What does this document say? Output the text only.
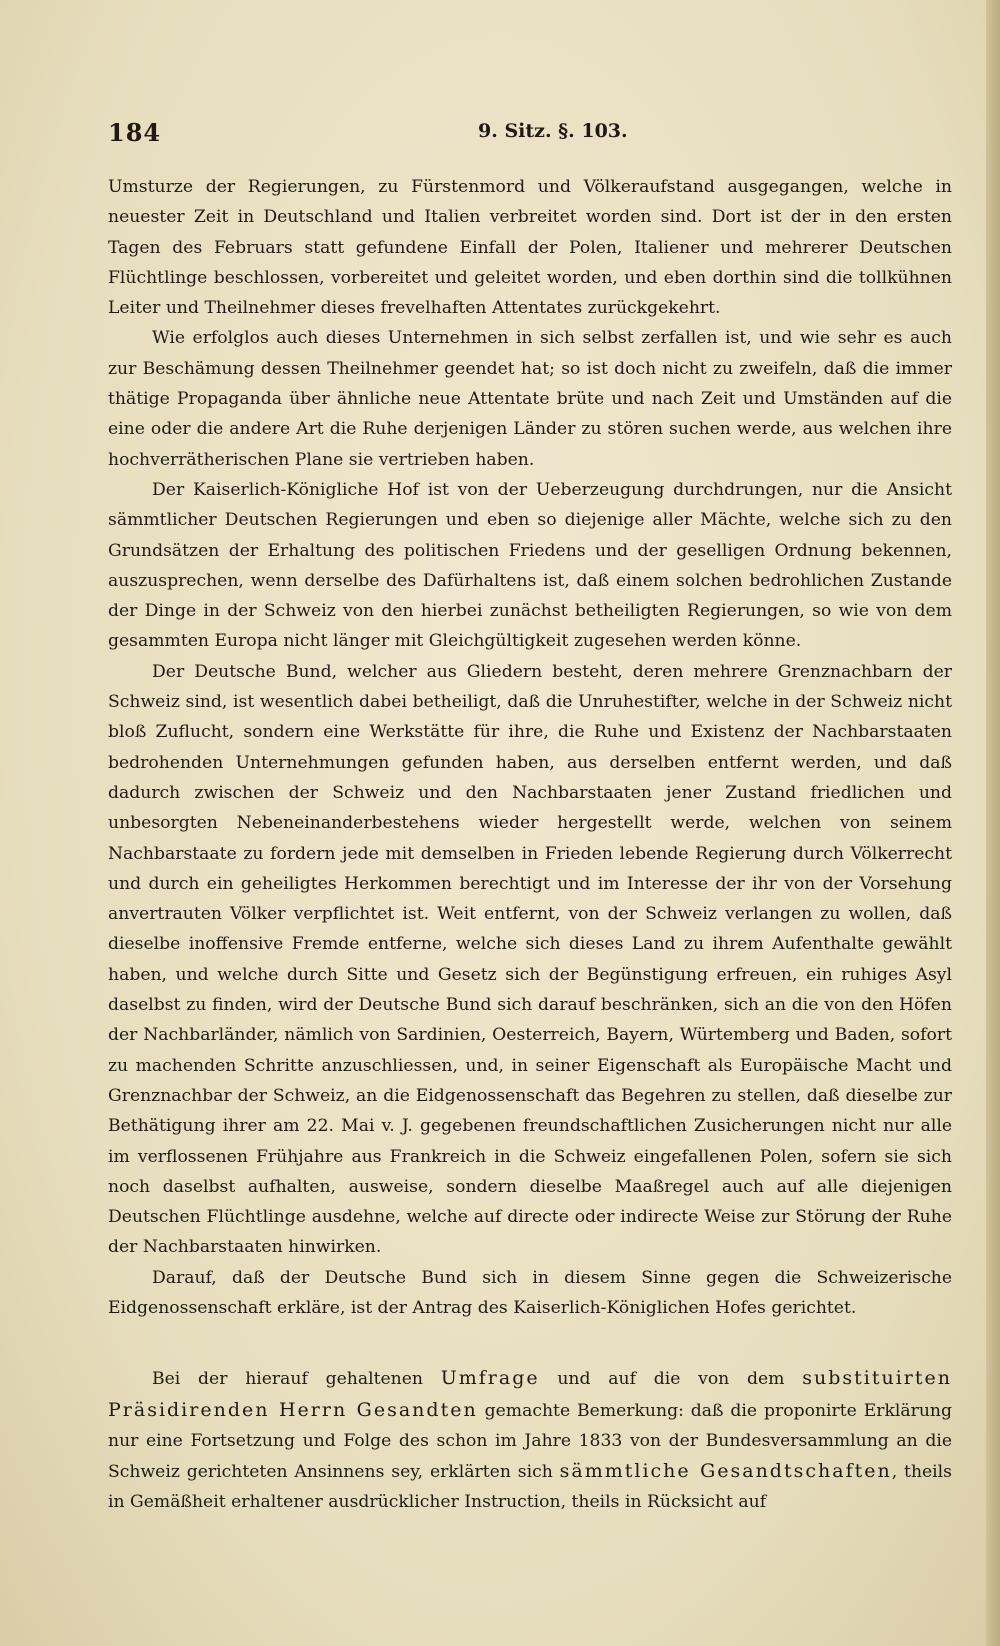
184	9. Sitz. §. 103.

Umsturze der Regierungen, zu Fürstenmord und Völkeraufstand ausgegangen, welche in neuester Zeit in Deutschland und Italien verbreitet worden sind. Dort ist der in den ersten Tagen des Februars statt gefundene Einfall der Polen, Italiener und mehrerer Deutschen Flüchtlinge beschlossen, vorbereitet und geleitet worden, und eben dorthin sind die tollkühnen Leiter und Theilnehmer dieses frevelhaften Attentates zurückgekehrt.

Wie erfolglos auch dieses Unternehmen in sich selbst zerfallen ist, und wie sehr es auch zur Beschämung dessen Theilnehmer geendet hat; so ist doch nicht zu zweifeln, daß die immer thätige Propaganda über ähnliche neue Attentate brüte und nach Zeit und Umständen auf die eine oder die andere Art die Ruhe derjenigen Länder zu stören suchen werde, aus welchen ihre hochverrätherischen Plane sie vertrieben haben.

Der Kaiserlich-Königliche Hof ist von der Ueberzeugung durchdrungen, nur die Ansicht sämmtlicher Deutschen Regierungen und eben so diejenige aller Mächte, welche sich zu den Grundsätzen der Erhaltung des politischen Friedens und der geselligen Ordnung bekennen, auszusprechen, wenn derselbe des Dafürhaltens ist, daß einem solchen bedrohlichen Zustande der Dinge in der Schweiz von den hierbei zunächst betheiligten Regierungen, so wie von dem gesammten Europa nicht länger mit Gleichgültigkeit zugesehen werden könne.

Der Deutsche Bund, welcher aus Gliedern besteht, deren mehrere Grenznachbarn der Schweiz sind, ist wesentlich dabei betheiligt, daß die Unruhestifter, welche in der Schweiz nicht bloß Zuflucht, sondern eine Werkstätte für ihre, die Ruhe und Existenz der Nachbarstaaten bedrohenden Unternehmungen gefunden haben, aus derselben entfernt werden, und daß dadurch zwischen der Schweiz und den Nachbarstaaten jener Zustand friedlichen und unbesorgten Nebeneinanderbestehens wieder hergestellt werde, welchen von seinem Nachbarstaate zu fordern jede mit demselben in Frieden lebende Regierung durch Völkerrecht und durch ein geheiligtes Herkommen berechtigt und im Interesse der ihr von der Vorsehung anvertrauten Völker verpflichtet ist. Weit entfernt, von der Schweiz verlangen zu wollen, daß dieselbe inoffensive Fremde entferne, welche sich dieses Land zu ihrem Aufenthalte gewählt haben, und welche durch Sitte und Gesetz sich der Begünstigung erfreuen, ein ruhiges Asyl daselbst zu finden, wird der Deutsche Bund sich darauf beschränken, sich an die von den Höfen der Nachbarländer, nämlich von Sardinien, Oesterreich, Bayern, Würtemberg und Baden, sofort zu machenden Schritte anzuschliessen, und, in seiner Eigenschaft als Europäische Macht und Grenznachbar der Schweiz, an die Eidgenossenschaft das Begehren zu stellen, daß dieselbe zur Bethätigung ihrer am 22. Mai v. J. gegebenen freundschaftlichen Zusicherungen nicht nur alle im verflossenen Frühjahre aus Frankreich in die Schweiz eingefallenen Polen, sofern sie sich noch daselbst aufhalten, ausweise, sondern dieselbe Maaßregel auch auf alle diejenigen Deutschen Flüchtlinge ausdehne, welche auf directe oder indirecte Weise zur Störung der Ruhe der Nachbarstaaten hinwirken.

Darauf, daß der Deutsche Bund sich in diesem Sinne gegen die Schweizerische Eidgenossenschaft erkläre, ist der Antrag des Kaiserlich-Königlichen Hofes gerichtet.

Bei der hierauf gehaltenen Umfrage und auf die von dem substituirten Präsidirenden Herrn Gesandten gemachte Bemerkung: daß die proponirte Erklärung nur eine Fortsetzung und Folge des schon im Jahre 1833 von der Bundesversammlung an die Schweiz gerichteten Ansinnens sey, erklärten sich sämmtliche Gesandtschaften, theils in Gemäßheit erhaltener ausdrücklicher Instruction, theils in Rücksicht auf
